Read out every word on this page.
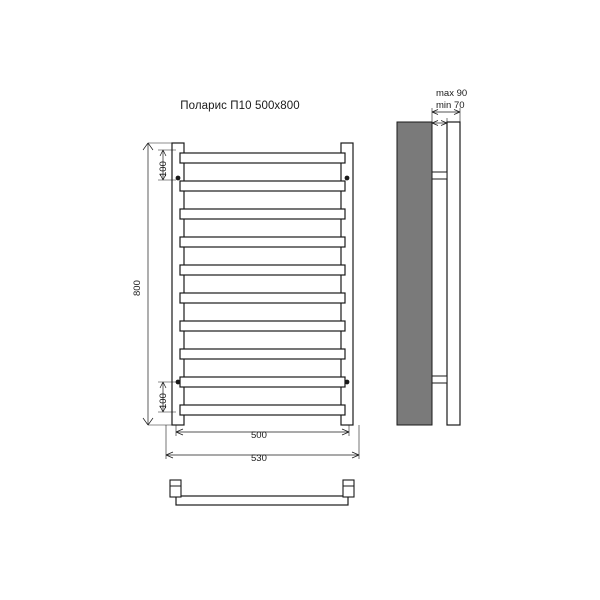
Поларис П10 500х800
800
100
100
500
530
max 90
min 70
